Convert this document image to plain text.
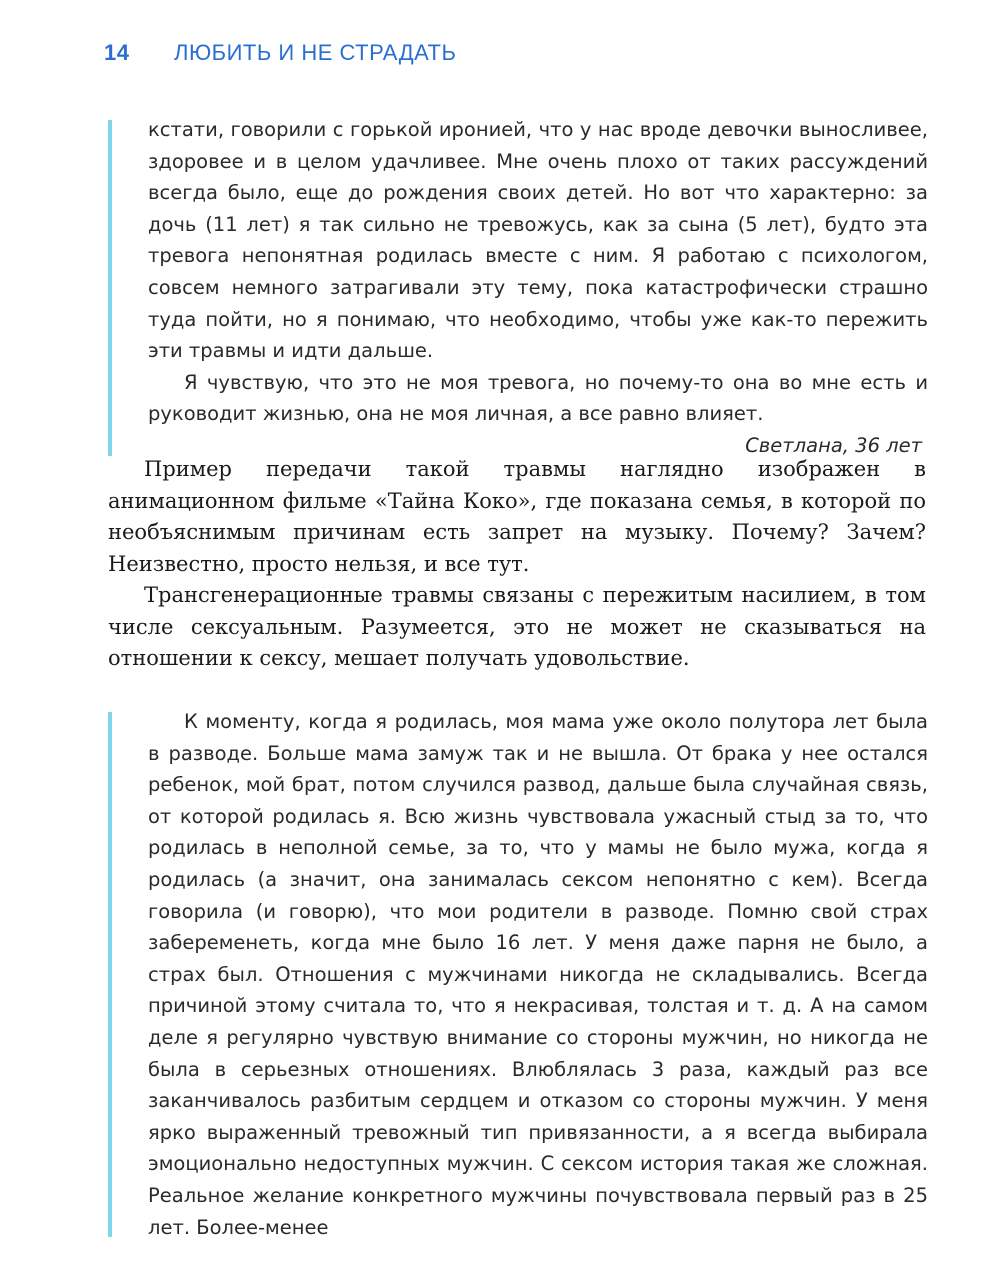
14	ЛЮБИТЬ И НЕ СТРАДАТЬ

кстати, говорили с горькой иронией, что у нас вроде девочки выносливее, здоровее и в целом удачливее. Мне очень плохо от таких рассуждений всегда было, еще до рождения своих детей. Но вот что характерно: за дочь (11 лет) я так сильно не тревожусь, как за сына (5 лет), будто эта тревога непонятная родилась вместе с ним. Я работаю с психологом, совсем немного затрагивали эту тему, пока катастрофически страшно туда пойти, но я понимаю, что необходимо, чтобы уже как-то пережить эти травмы и идти дальше.

Я чувствую, что это не моя тревога, но почему-то она во мне есть и руководит жизнью, она не моя личная, а все равно влияет.

Светлана, 36 лет

Пример передачи такой травмы наглядно изображен в анимационном фильме «Тайна Коко», где показана семья, в которой по необъяснимым причинам есть запрет на музыку. Почему? Зачем? Неизвестно, просто нельзя, и все тут.

Трансгенерационные травмы связаны с пережитым насилием, в том числе сексуальным. Разумеется, это не может не сказываться на отношении к сексу, мешает получать удовольствие.

К моменту, когда я родилась, моя мама уже около полутора лет была в разводе. Больше мама замуж так и не вышла. От брака у нее остался ребенок, мой брат, потом случился развод, дальше была случайная связь, от которой родилась я. Всю жизнь чувствовала ужасный стыд за то, что родилась в неполной семье, за то, что у мамы не было мужа, когда я родилась (а значит, она занималась сексом непонятно с кем). Всегда говорила (и говорю), что мои родители в разводе. Помню свой страх забеременеть, когда мне было 16 лет. У меня даже парня не было, а страх был. Отношения с мужчинами никогда не складывались. Всегда причиной этому считала то, что я некрасивая, толстая и т. д. А на самом деле я регулярно чувствую внимание со стороны мужчин, но никогда не была в серьезных отношениях. Влюблялась 3 раза, каждый раз все заканчивалось разбитым сердцем и отказом со стороны мужчин. У меня ярко выраженный тревожный тип привязанности, а я всегда выбирала эмоционально недоступных мужчин. С сексом история такая же сложная. Реальное желание конкретного мужчины почувствовала первый раз в 25 лет. Более-менее
